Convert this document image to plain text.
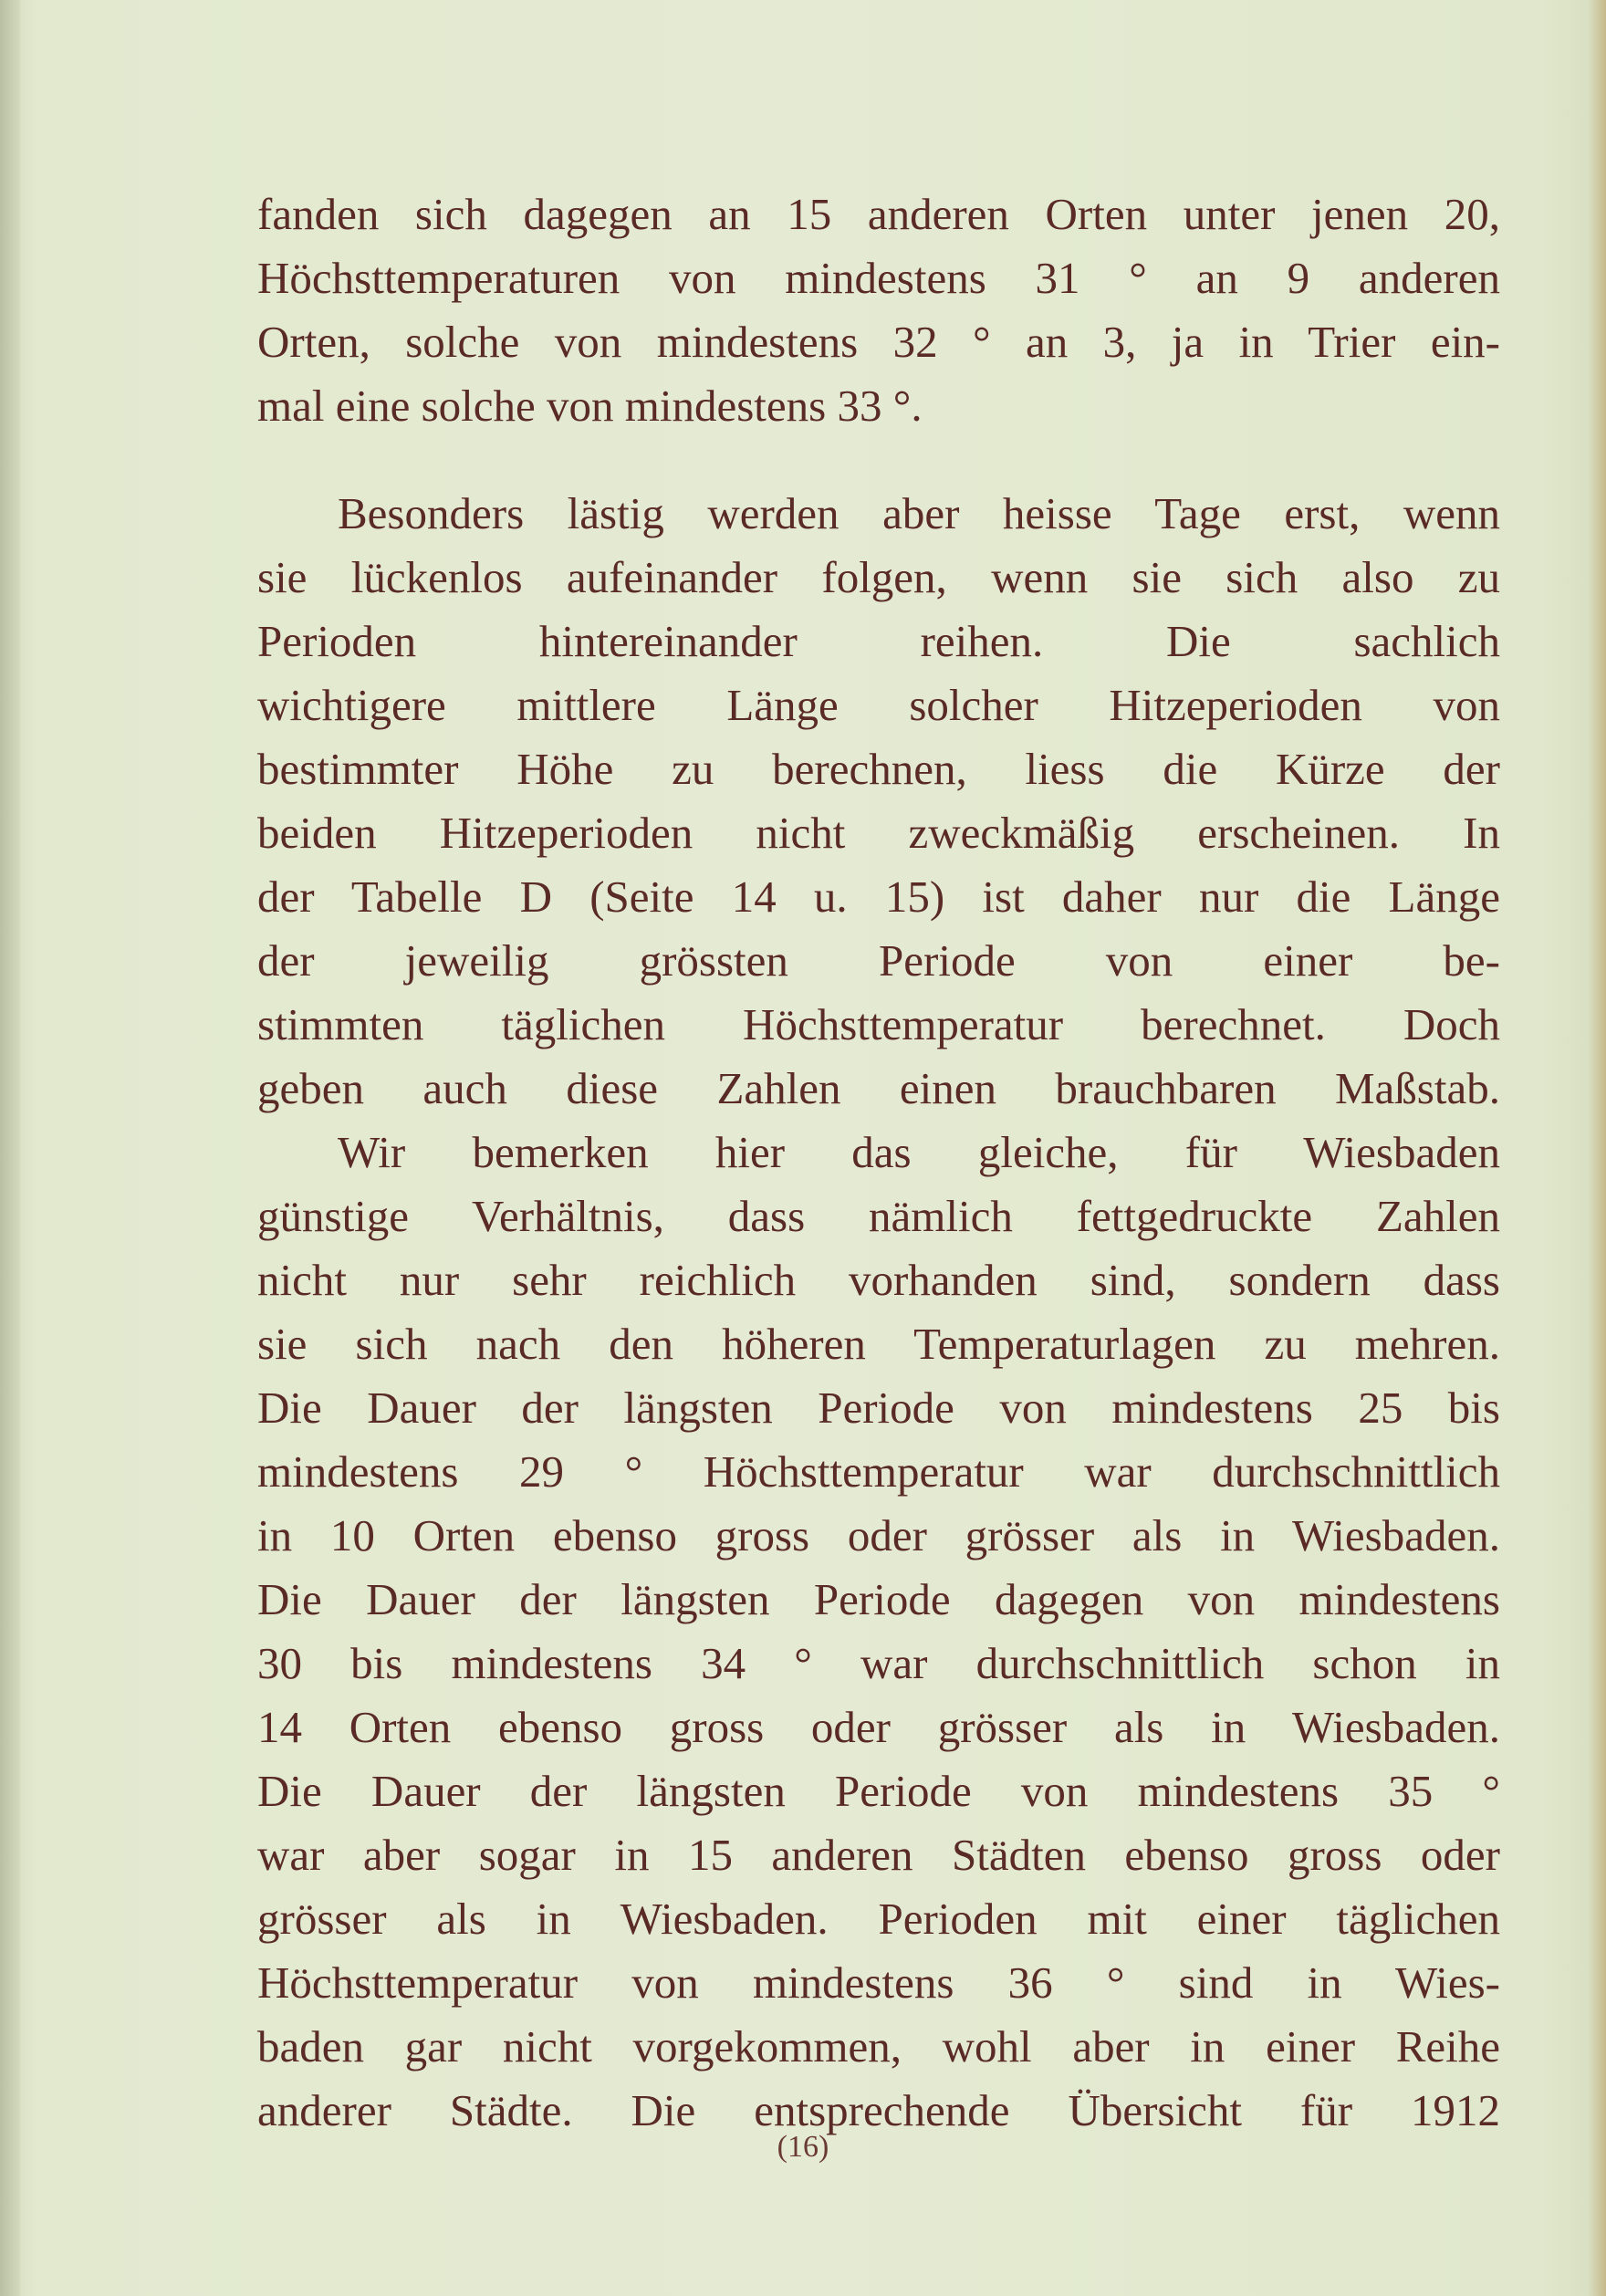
fanden sich dagegen an 15 anderen Orten unter jenen 20,
Höchsttemperaturen von mindestens 31 ° an 9 anderen
Orten, solche von mindestens 32 ° an 3, ja in Trier ein-
mal eine solche von mindestens 33 °.
Besonders lästig werden aber heisse Tage erst, wenn
sie lückenlos aufeinander folgen, wenn sie sich also zu
Perioden hintereinander reihen. Die sachlich
wichtigere mittlere Länge solcher Hitzeperioden von
bestimmter Höhe zu berechnen, liess die Kürze der
beiden Hitzeperioden nicht zweckmäßig erscheinen. In
der Tabelle D (Seite 14 u. 15) ist daher nur die Länge
der jeweilig grössten Periode von einer be-
stimmten täglichen Höchsttemperatur berechnet. Doch
geben auch diese Zahlen einen brauchbaren Maßstab.
Wir bemerken hier das gleiche, für Wiesbaden
günstige Verhältnis, dass nämlich fettgedruckte Zahlen
nicht nur sehr reichlich vorhanden sind, sondern dass
sie sich nach den höheren Temperaturlagen zu mehren.
Die Dauer der längsten Periode von mindestens 25 bis
mindestens 29 ° Höchsttemperatur war durchschnittlich
in 10 Orten ebenso gross oder grösser als in Wiesbaden.
Die Dauer der längsten Periode dagegen von mindestens
30 bis mindestens 34 ° war durchschnittlich schon in
14 Orten ebenso gross oder grösser als in Wiesbaden.
Die Dauer der längsten Periode von mindestens 35 °
war aber sogar in 15 anderen Städten ebenso gross oder
grösser als in Wiesbaden. Perioden mit einer täglichen
Höchsttemperatur von mindestens 36 ° sind in Wies-
baden gar nicht vorgekommen, wohl aber in einer Reihe
anderer Städte. Die entsprechende Übersicht für 1912
(16)
